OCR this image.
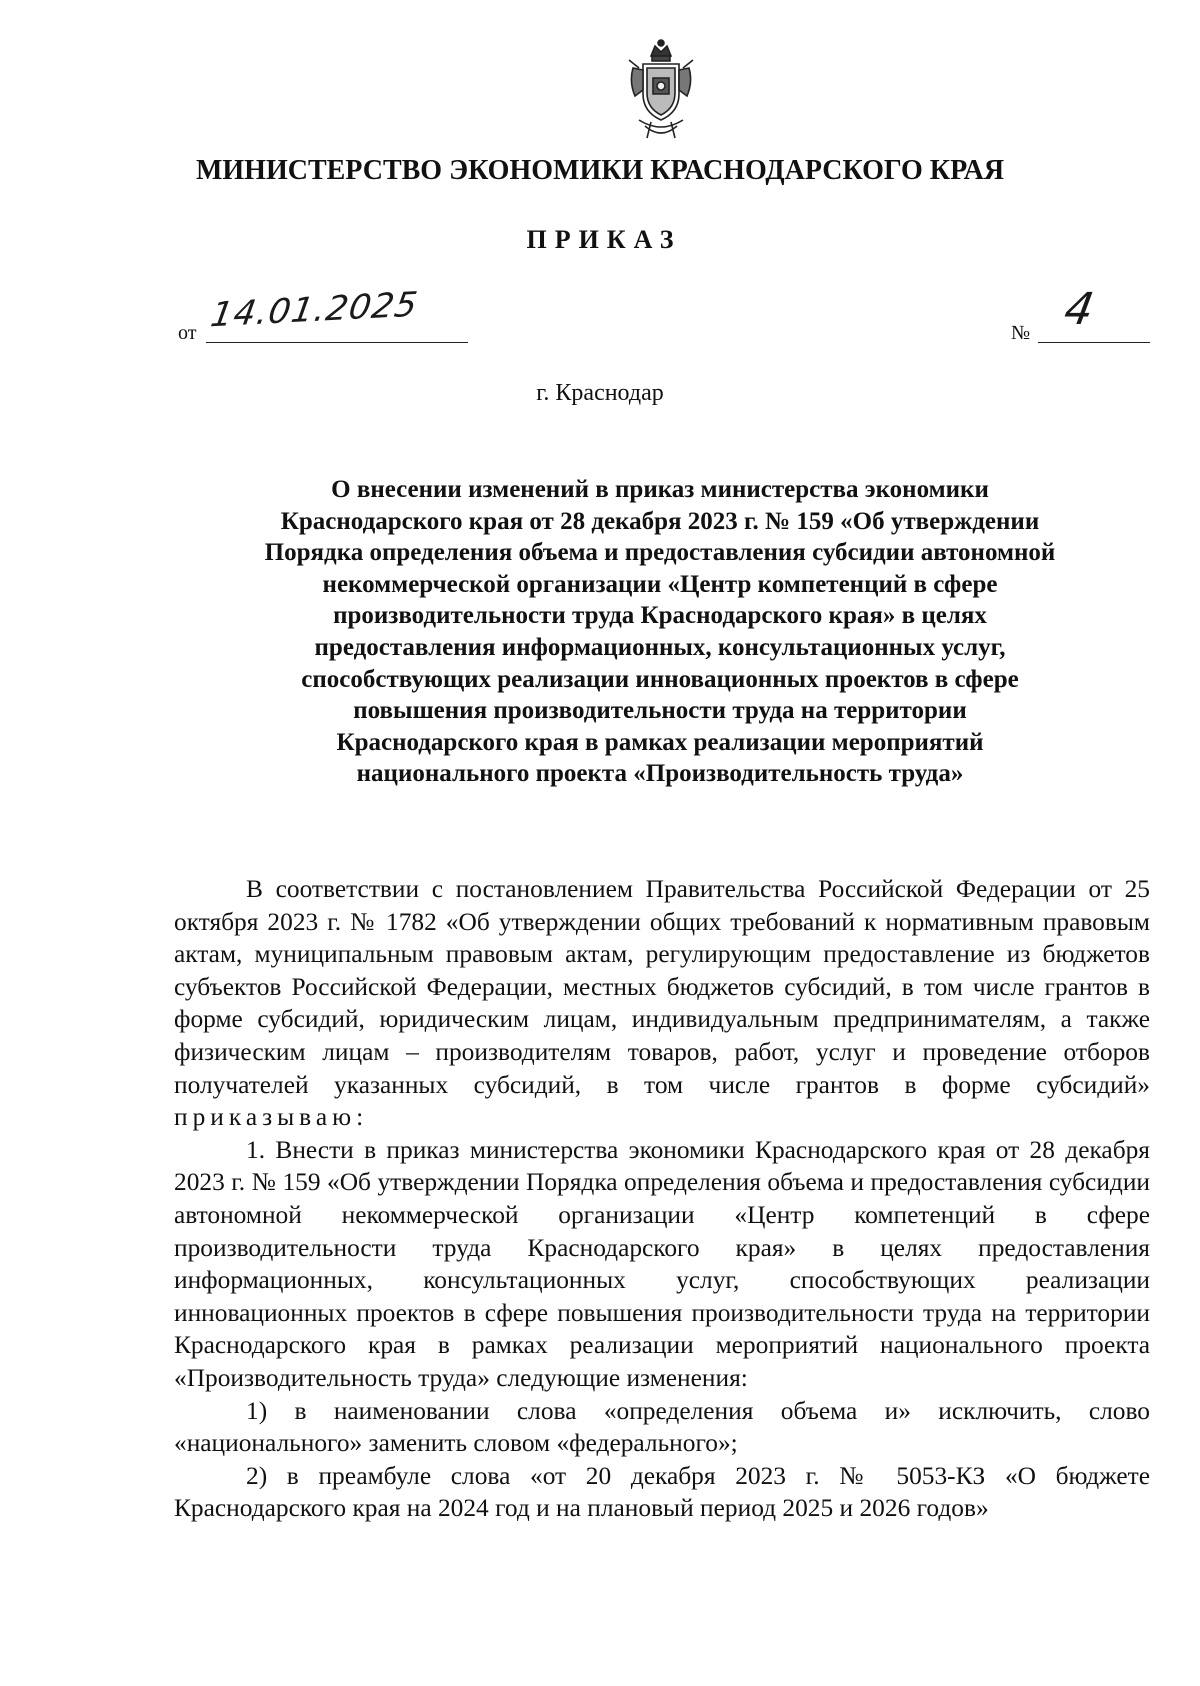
МИНИСТЕРСТВО ЭКОНОМИКИ КРАСНОДАРСКОГО КРАЯ
ПРИКАЗ
от 14.01.2025	№ 4
г. Краснодар
О внесении изменений в приказ министерства экономики Краснодарского края от 28 декабря 2023 г. № 159 «Об утверждении Порядка определения объема и предоставления субсидии автономной некоммерческой организации «Центр компетенций в сфере производительности труда Краснодарского края» в целях предоставления информационных, консультационных услуг, способствующих реализации инновационных проектов в сфере повышения производительности труда на территории Краснодарского края в рамках реализации мероприятий национального проекта «Производительность труда»

В соответствии с постановлением Правительства Российской Федерации от 25 октября 2023 г. № 1782 «Об утверждении общих требований к нормативным правовым актам, муниципальным правовым актам, регулирующим предоставление из бюджетов субъектов Российской Федерации, местных бюджетов субсидий, в том числе грантов в форме субсидий, юридическим лицам, индивидуальным предпринимателям, а также физическим лицам – производителям товаров, работ, услуг и проведение отборов получателей указанных субсидий, в том числе грантов в форме субсидий» приказываю:

1. Внести в приказ министерства экономики Краснодарского края от 28 декабря 2023 г. № 159 «Об утверждении Порядка определения объема и предоставления субсидии автономной некоммерческой организации «Центр компетенций в сфере производительности труда Краснодарского края» в целях предоставления информационных, консультационных услуг, способствующих реализации инновационных проектов в сфере повышения производительности труда на территории Краснодарского края в рамках реализации мероприятий национального проекта «Производительность труда» следующие изменения:

1) в наименовании слова «определения объема и» исключить, слово «национального» заменить словом «федерального»;

2) в преамбуле слова «от 20 декабря 2023 г. № 5053-КЗ «О бюджете Краснодарского края на 2024 год и на плановый период 2025 и 2026 годов»
